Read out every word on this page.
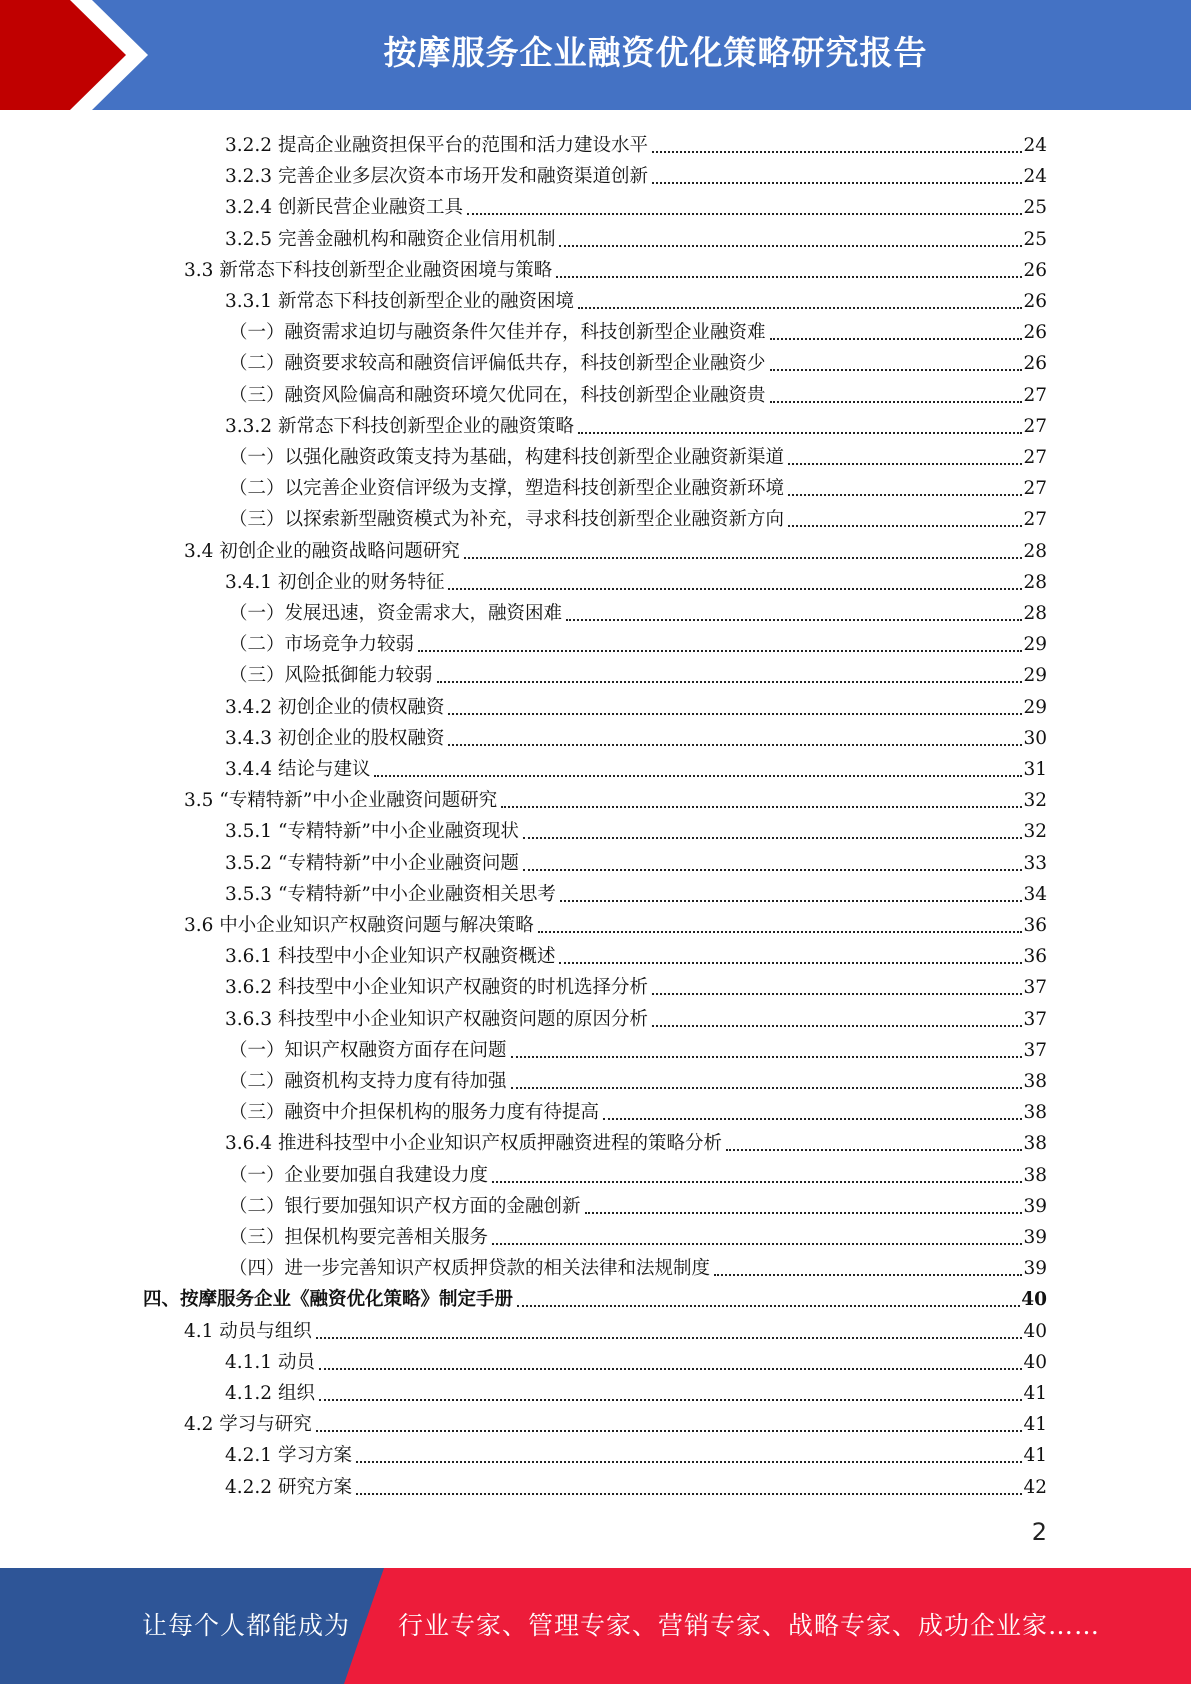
按摩服务企业融资优化策略研究报告
3.2.2 提高企业融资担保平台的范围和活力建设水平	24
3.2.3 完善企业多层次资本市场开发和融资渠道创新	24
3.2.4 创新民营企业融资工具	25
3.2.5 完善金融机构和融资企业信用机制	25
3.3 新常态下科技创新型企业融资困境与策略	26
3.3.1 新常态下科技创新型企业的融资困境	26
（一）融资需求迫切与融资条件欠佳并存，科技创新型企业融资难	26
（二）融资要求较高和融资信评偏低共存，科技创新型企业融资少	26
（三）融资风险偏高和融资环境欠优同在，科技创新型企业融资贵	27
3.3.2 新常态下科技创新型企业的融资策略	27
（一）以强化融资政策支持为基础，构建科技创新型企业融资新渠道	27
（二）以完善企业资信评级为支撑，塑造科技创新型企业融资新环境	27
（三）以探索新型融资模式为补充，寻求科技创新型企业融资新方向	27
3.4 初创企业的融资战略问题研究	28
3.4.1 初创企业的财务特征	28
（一）发展迅速，资金需求大，融资困难	28
（二）市场竞争力较弱	29
（三）风险抵御能力较弱	29
3.4.2 初创企业的债权融资	29
3.4.3 初创企业的股权融资	30
3.4.4 结论与建议	31
3.5 “专精特新”中小企业融资问题研究	32
3.5.1 “专精特新”中小企业融资现状	32
3.5.2 “专精特新”中小企业融资问题	33
3.5.3 “专精特新”中小企业融资相关思考	34
3.6 中小企业知识产权融资问题与解决策略	36
3.6.1 科技型中小企业知识产权融资概述	36
3.6.2 科技型中小企业知识产权融资的时机选择分析	37
3.6.3 科技型中小企业知识产权融资问题的原因分析	37
（一）知识产权融资方面存在问题	37
（二）融资机构支持力度有待加强	38
（三）融资中介担保机构的服务力度有待提高	38
3.6.4 推进科技型中小企业知识产权质押融资进程的策略分析	38
（一）企业要加强自我建设力度	38
（二）银行要加强知识产权方面的金融创新	39
（三）担保机构要完善相关服务	39
（四）进一步完善知识产权质押贷款的相关法律和法规制度	39
四、按摩服务企业《融资优化策略》制定手册	40
4.1 动员与组织	40
4.1.1 动员	40
4.1.2 组织	41
4.2 学习与研究	41
4.2.1 学习方案	41
4.2.2 研究方案	42
2
让每个人都能成为 行业专家、管理专家、营销专家、战略专家、成功企业家……
